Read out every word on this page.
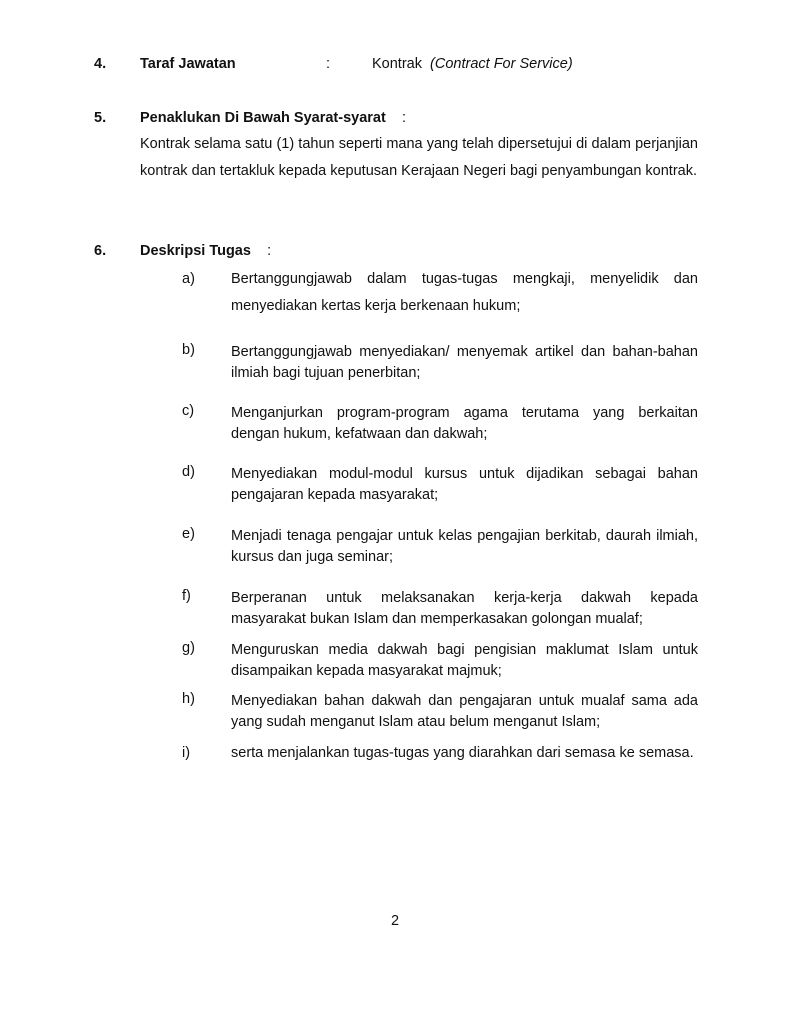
4. Taraf Jawatan	:	Kontrak (Contract For Service)
5. Penaklukan Di Bawah Syarat-syarat :
Kontrak selama satu (1) tahun seperti mana yang telah dipersetujui di dalam perjanjian kontrak dan tertakluk kepada keputusan Kerajaan Negeri bagi penyambungan kontrak.
6. Deskripsi Tugas :
a)	Bertanggungjawab dalam tugas-tugas mengkaji, menyelidik dan menyediakan kertas kerja berkenaan hukum;
b)	Bertanggungjawab menyediakan/ menyemak artikel dan bahan-bahan ilmiah bagi tujuan penerbitan;
c)	Menganjurkan program-program agama terutama yang berkaitan dengan hukum, kefatwaan dan dakwah;
d)	Menyediakan modul-modul kursus untuk dijadikan sebagai bahan pengajaran kepada masyarakat;
e)	Menjadi tenaga pengajar untuk kelas pengajian berkitab, daurah ilmiah, kursus dan juga seminar;
f)	Berperanan untuk melaksanakan kerja-kerja dakwah kepada masyarakat bukan Islam dan memperkasakan golongan mualaf;
g)	Menguruskan media dakwah bagi pengisian maklumat Islam untuk disampaikan kepada masyarakat majmuk;
h)	Menyediakan bahan dakwah dan pengajaran untuk mualaf sama ada yang sudah menganut Islam atau belum menganut Islam;
i)	serta menjalankan tugas-tugas yang diarahkan dari semasa ke semasa.
2
